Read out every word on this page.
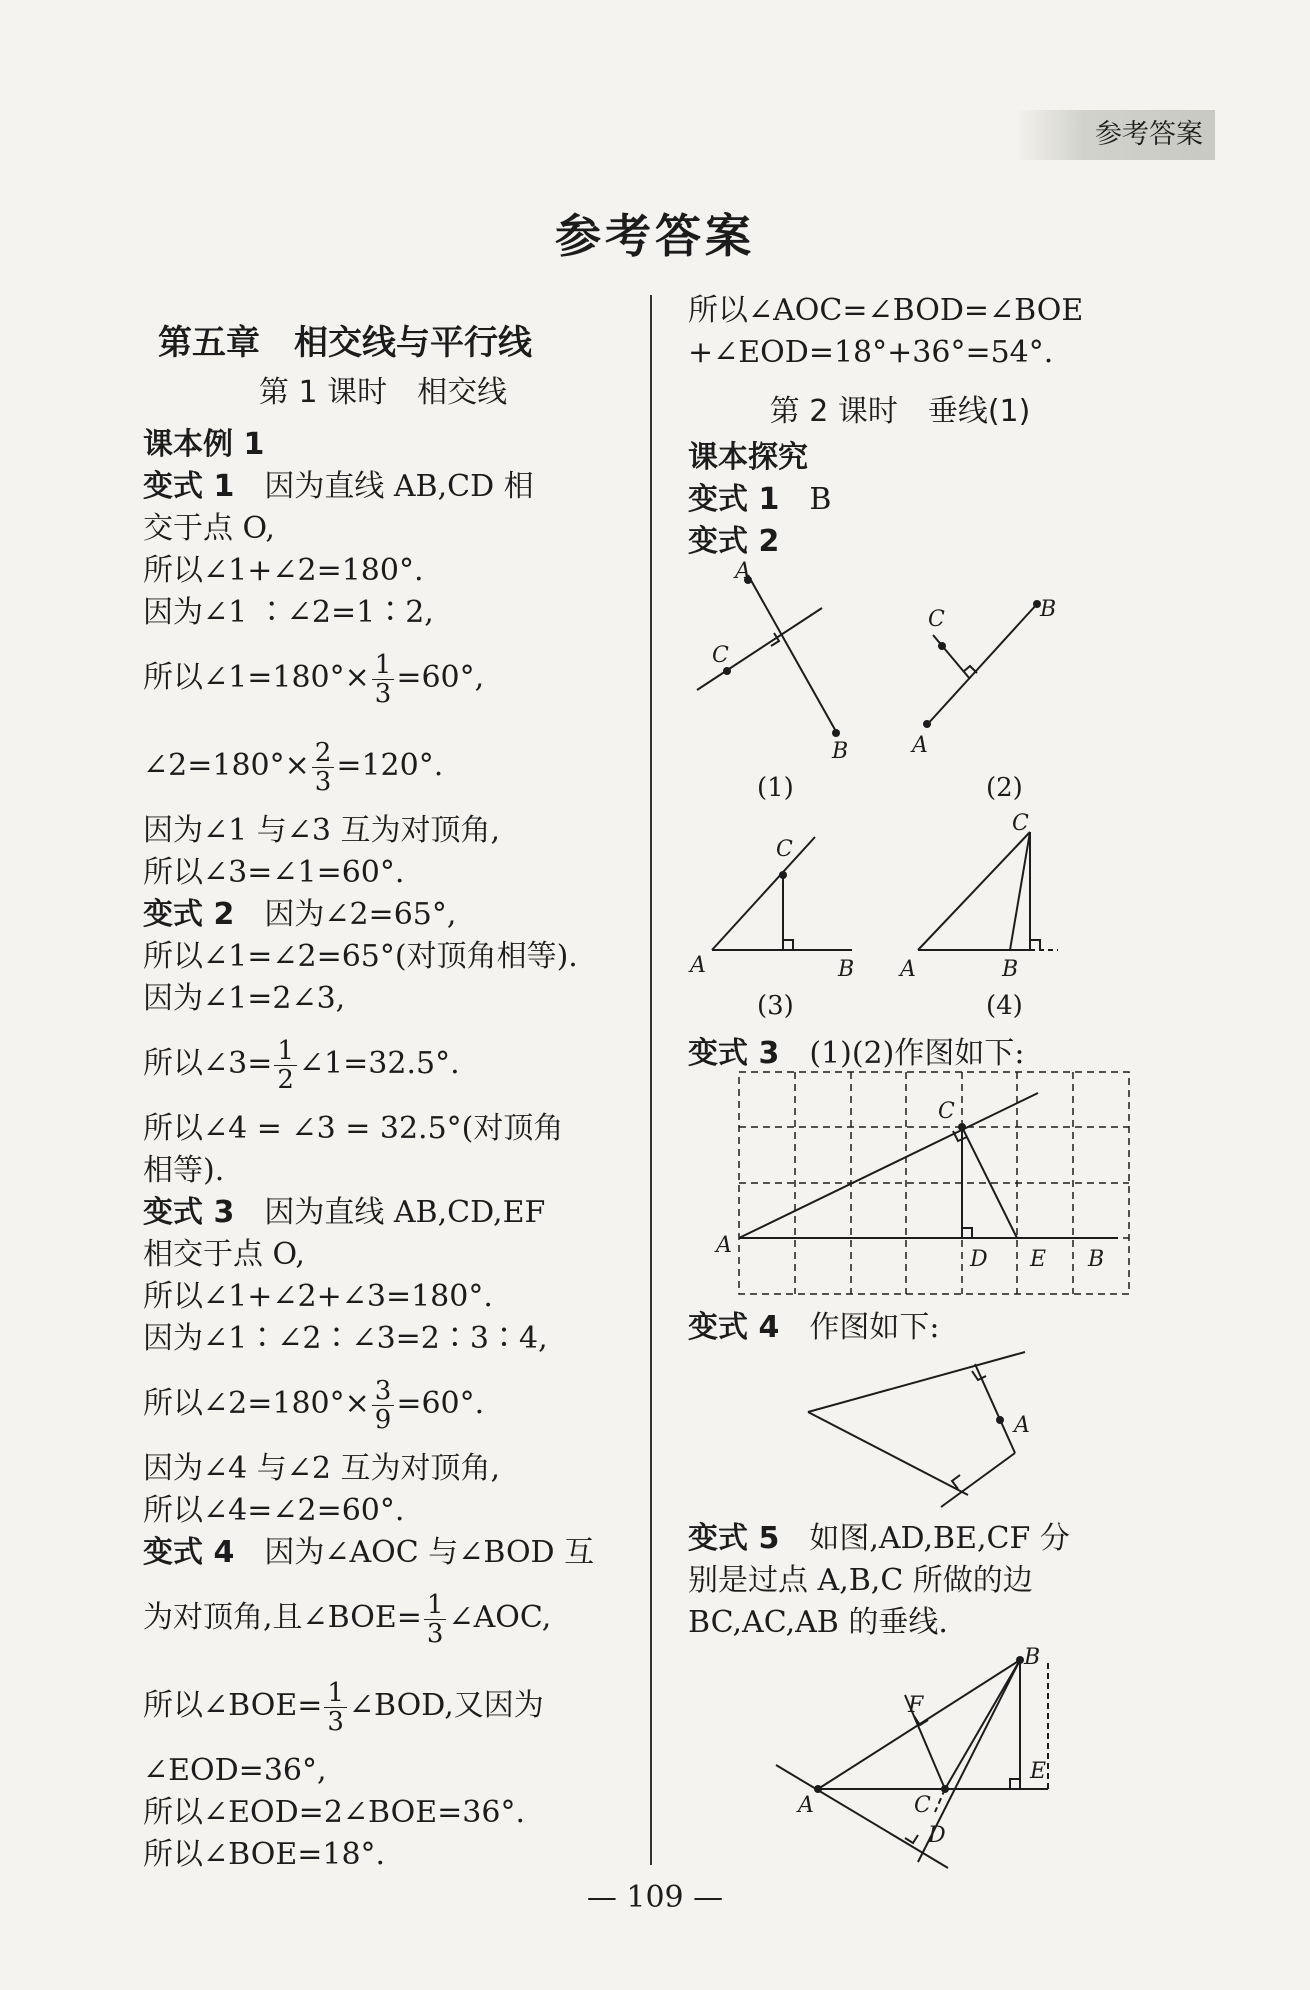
参考答案
参考答案
第五章　相交线与平行线
第 1 课时　相交线
课本例 1
变式 1　 因为直线 AB,CD 相
交于点 O,
所以∠1+∠2=180°.
因为∠1 ∶∠2=1∶2,
所以∠1=180°× $\frac{1}{3} =60^\circ$,
∠2=180°× $\frac{2}{3} =120^\circ$.
因为∠1 与∠3 互为对顶角,
所以∠3=∠1=60°.
变式 2　 因为∠2=65°,
所以∠1=∠2=65°(对顶角相等).
因为∠1=2∠3,
所以∠3= $\frac{1}{2}$ ∠1=32.5°.
所以∠4 = ∠3 = 32.5°(对顶角
相等).
变式 3　 因为直线 AB,CD,EF
相交于点 O,
所以∠1+∠2+∠3=180°.
因为∠1∶∠2∶∠3=2∶3∶4,
所以∠2=180°× $\frac{3}{9} =60^\circ$.
因为∠4 与∠2 互为对顶角,
所以∠4=∠2=60°.
变式 4　 因为∠AOC 与∠BOD 互
为对顶角,且∠BOE= $\frac{1}{3}$ ∠AOC,
所以∠BOE= $\frac{1}{3}$ ∠BOD,又因为
∠EOD=36°,
所以∠EOD=2∠BOE=36°.
所以∠BOE=18°.
所以∠AOC=∠BOD=∠BOE
+∠EOD=18°+36°=54°.
第 2 课时　垂线(1)
课本探究
变式 1　 B
变式 2
变式 3　 (1)(2)作图如下:
变式 4　 作图如下:
变式 5　 如图,AD,BE,CF 分
别是过点 A,B,C 所做的边
BC,AC,AB 的垂线.
A
C
B
B
C
A
C
A	B
C
A	B
C
A
D E B
A
B
F
E
A	C
D
(1)	(2)
(3)	(4)
— 109 —
